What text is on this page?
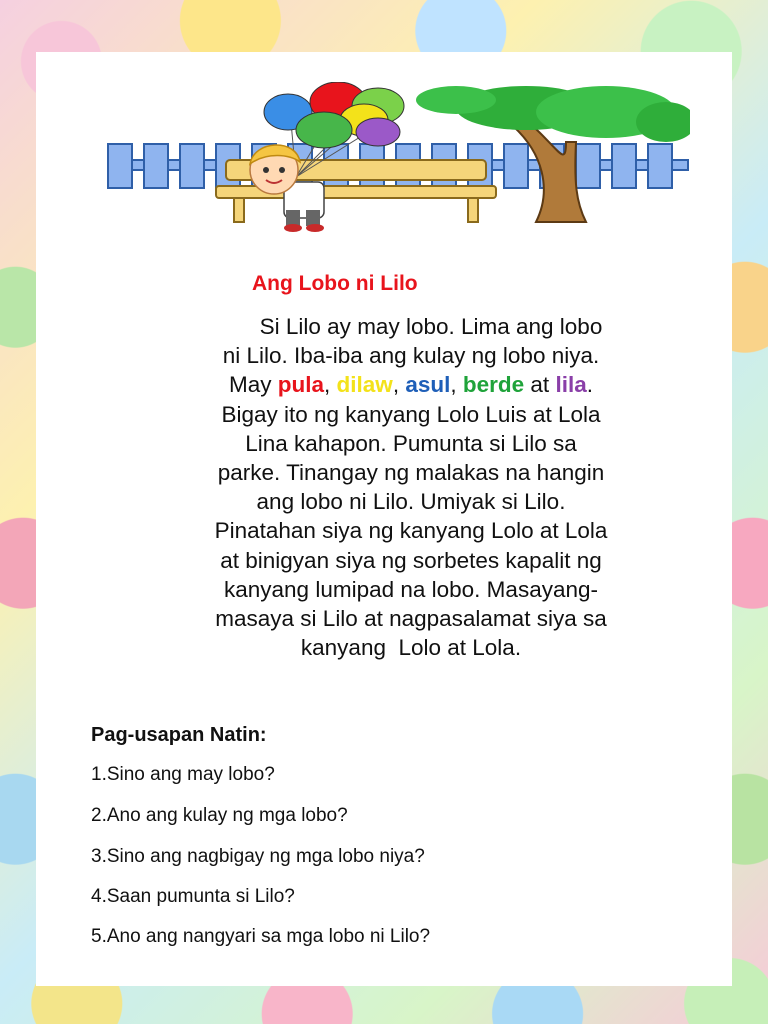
Ang Lobo ni Lilo
Si Lilo ay may lobo. Lima ang lobo
ni Lilo. Iba-iba ang kulay ng lobo niya.
May pula, dilaw, asul, berde at lila.
Bigay ito ng kanyang Lolo Luis at Lola
Lina kahapon. Pumunta si Lilo sa
parke. Tinangay ng malakas na hangin
ang lobo ni Lilo. Umiyak si Lilo.
Pinatahan siya ng kanyang Lolo at Lola
at binigyan siya ng sorbetes kapalit ng
kanyang lumipad na lobo. Masayang-
masaya si Lilo at nagpasalamat siya sa
kanyang  Lolo at Lola.
Pag-usapan Natin:
1.Sino ang may lobo?
2.Ano ang kulay ng mga lobo?
3.Sino ang nagbigay ng mga lobo niya?
4.Saan pumunta si Lilo?
5.Ano ang nangyari sa mga lobo ni Lilo?
